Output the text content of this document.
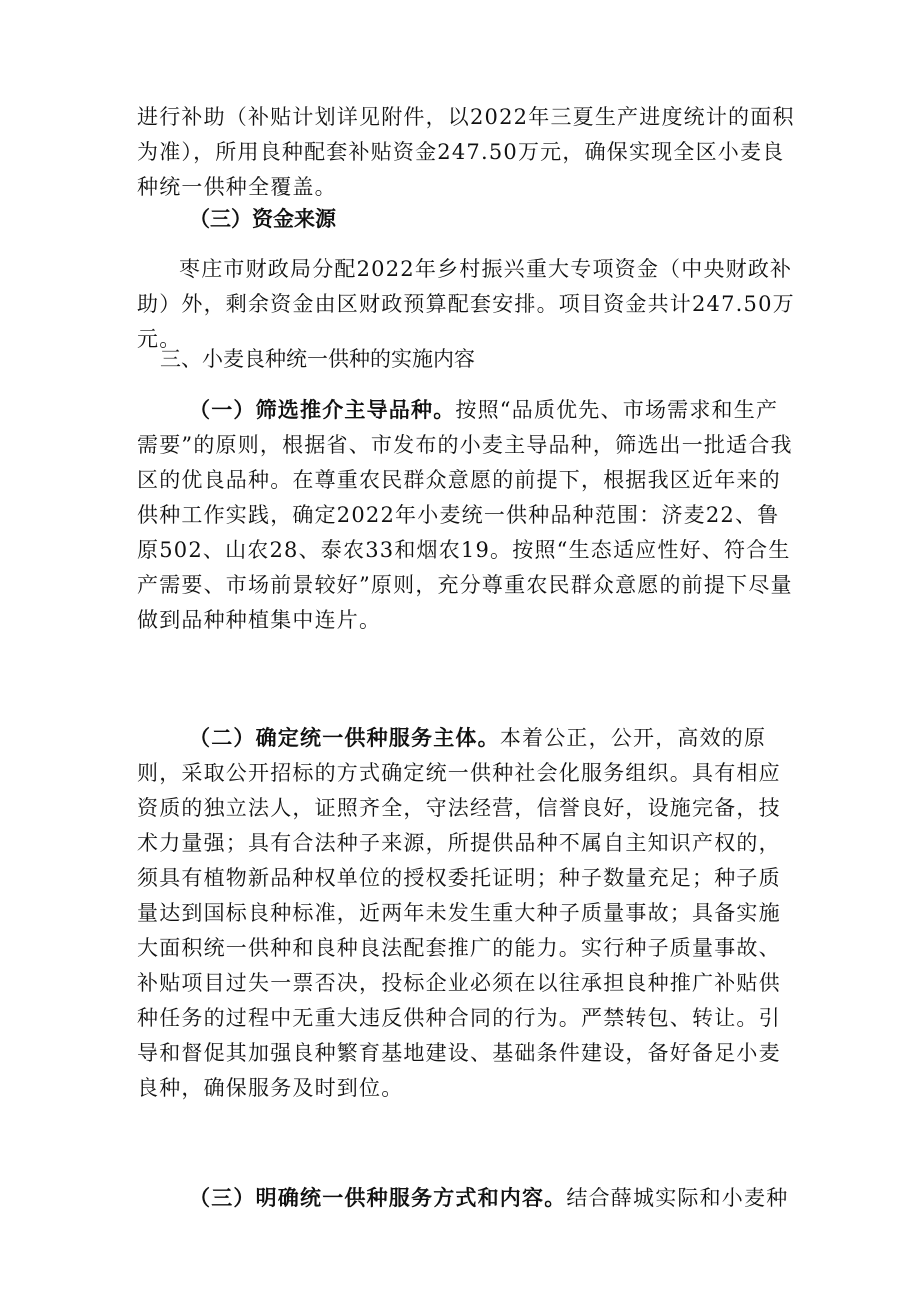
进行补助（补贴计划详见附件，以2022年三夏生产进度统计的面积为准），所用良种配套补贴资金247.50万元，确保实现全区小麦良种统一供种全覆盖。
（三）资金来源
枣庄市财政局分配2022年乡村振兴重大专项资金（中央财政补助）外，剩余资金由区财政预算配套安排。项目资金共计247.50万元。
三、小麦良种统一供种的实施内容
（一）筛选推介主导品种。按照“品质优先、市场需求和生产需要”的原则，根据省、市发布的小麦主导品种，筛选出一批适合我区的优良品种。在尊重农民群众意愿的前提下，根据我区近年来的供种工作实践，确定2022年小麦统一供种品种范围：济麦22、鲁原502、山农28、泰农33和烟农19。按照“生态适应性好、符合生产需要、市场前景较好”原则，充分尊重农民群众意愿的前提下尽量做到品种种植集中连片。
（二）确定统一供种服务主体。本着公正，公开，高效的原则，采取公开招标的方式确定统一供种社会化服务组织。具有相应资质的独立法人，证照齐全，守法经营，信誉良好，设施完备，技术力量强；具有合法种子来源，所提供品种不属自主知识产权的，须具有植物新品种权单位的授权委托证明；种子数量充足；种子质量达到国标良种标准，近两年未发生重大种子质量事故；具备实施大面积统一供种和良种良法配套推广的能力。实行种子质量事故、补贴项目过失一票否决，投标企业必须在以往承担良种推广补贴供种任务的过程中无重大违反供种合同的行为。严禁转包、转让。引导和督促其加强良种繁育基地建设、基础条件建设，备好备足小麦良种，确保服务及时到位。
（三）明确统一供种服务方式和内容。结合薛城实际和小麦种
